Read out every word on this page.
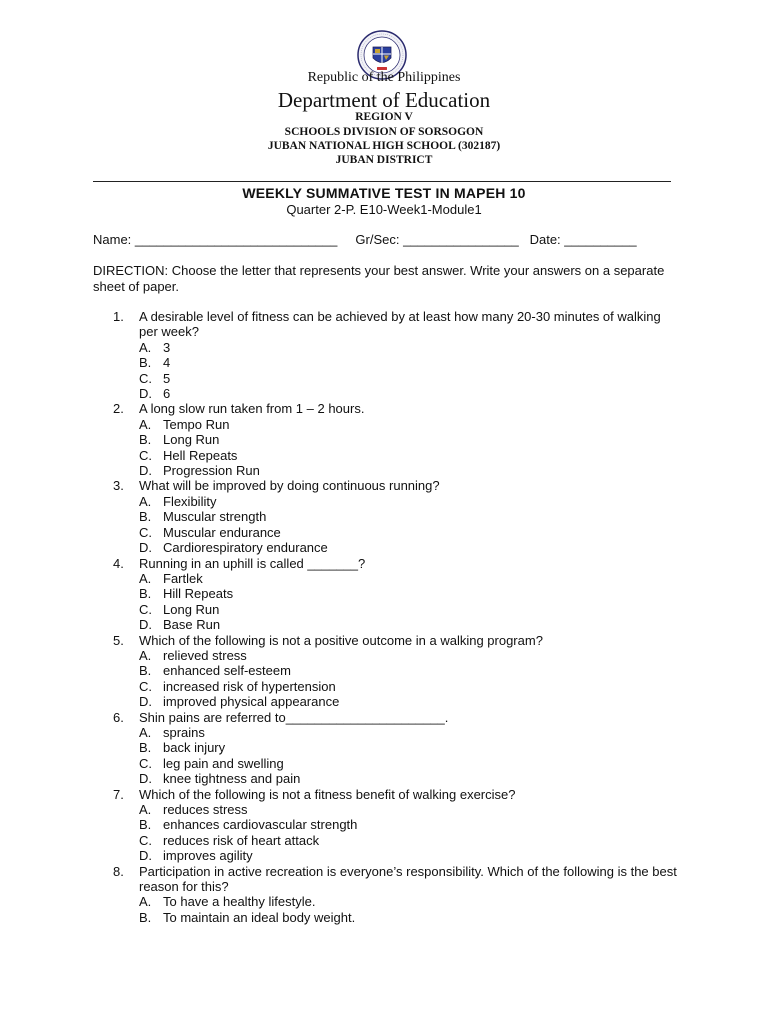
Republic of the Philippines
Department of Education
REGION V
SCHOOLS DIVISION OF SORSOGON
JUBAN NATIONAL HIGH SCHOOL (302187)
JUBAN DISTRICT
WEEKLY SUMMATIVE TEST IN MAPEH 10
Quarter 2-P. E10-Week1-Module1
Name: ____________________________     Gr/Sec: ________________   Date: __________
DIRECTION: Choose the letter that represents your best answer. Write your answers on a separate sheet of paper.
1. A desirable level of fitness can be achieved by at least how many 20-30 minutes of walking per week?
A. 3
B. 4
C. 5
D. 6
2. A long slow run taken from 1 – 2 hours.
A. Tempo Run
B. Long Run
C. Hell Repeats
D. Progression Run
3. What will be improved by doing continuous running?
A. Flexibility
B. Muscular strength
C. Muscular endurance
D. Cardiorespiratory endurance
4. Running in an uphill is called _______?
A. Fartlek
B. Hill Repeats
C. Long Run
D. Base Run
5. Which of the following is not a positive outcome in a walking program?
A. relieved stress
B. enhanced self-esteem
C. increased risk of hypertension
D. improved physical appearance
6. Shin pains are referred to______________________.
A. sprains
B. back injury
C. leg pain and swelling
D. knee tightness and pain
7. Which of the following is not a fitness benefit of walking exercise?
A. reduces stress
B. enhances cardiovascular strength
C. reduces risk of heart attack
D. improves agility
8. Participation in active recreation is everyone’s responsibility. Which of the following is the best reason for this?
A. To have a healthy lifestyle.
B. To maintain an ideal body weight.
